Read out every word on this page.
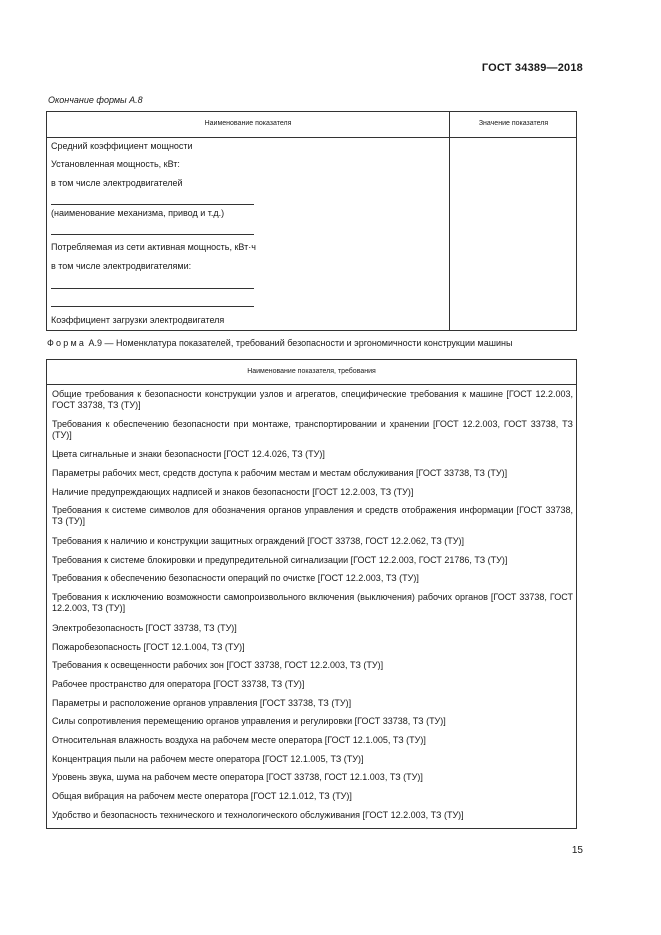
ГОСТ 34389—2018
Окончание формы А.8
Наименование показателя	Значение показателя
Средний коэффициент мощности
Установленная мощность, кВт:
в том числе электродвигателей
(наименование механизма, привод и т.д.)
Потребляемая из сети активная мощность, кВт·ч
в том числе электродвигателями:
Коэффициент загрузки электродвигателя
Форма А.9 — Номенклатура показателей, требований безопасности и эргономичности конструкции машины
Наименование показателя, требования
Общие требования к безопасности конструкции узлов и агрегатов, специфические требования к машине [ГОСТ 12.2.003, ГОСТ 33738, ТЗ (ТУ)]
Требования к обеспечению безопасности при монтаже, транспортировании и хранении [ГОСТ 12.2.003, ГОСТ 33738, ТЗ (ТУ)]
Цвета сигнальные и знаки безопасности [ГОСТ 12.4.026, ТЗ (ТУ)]
Параметры рабочих мест, средств доступа к рабочим местам и местам обслуживания [ГОСТ 33738, ТЗ (ТУ)]
Наличие предупреждающих надписей и знаков безопасности [ГОСТ 12.2.003, ТЗ (ТУ)]
Требования к системе символов для обозначения органов управления и средств отображения информации [ГОСТ 33738, ТЗ (ТУ)]
Требования к наличию и конструкции защитных ограждений [ГОСТ 33738, ГОСТ 12.2.062, ТЗ (ТУ)]
Требования к системе блокировки и предупредительной сигнализации [ГОСТ 12.2.003, ГОСТ 21786, ТЗ (ТУ)]
Требования к обеспечению безопасности операций по очистке [ГОСТ 12.2.003, ТЗ (ТУ)]
Требования к исключению возможности самопроизвольного включения (выключения) рабочих органов [ГОСТ 33738, ГОСТ 12.2.003, ТЗ (ТУ)]
Электробезопасность [ГОСТ 33738, ТЗ (ТУ)]
Пожаробезопасность [ГОСТ 12.1.004, ТЗ (ТУ)]
Требования к освещенности рабочих зон [ГОСТ 33738, ГОСТ 12.2.003, ТЗ (ТУ)]
Рабочее пространство для оператора [ГОСТ 33738, ТЗ (ТУ)]
Параметры и расположение органов управления [ГОСТ 33738, ТЗ (ТУ)]
Силы сопротивления перемещению органов управления и регулировки [ГОСТ 33738, ТЗ (ТУ)]
Относительная влажность воздуха на рабочем месте оператора [ГОСТ 12.1.005, ТЗ (ТУ)]
Концентрация пыли на рабочем месте оператора [ГОСТ 12.1.005, ТЗ (ТУ)]
Уровень звука, шума на рабочем месте оператора [ГОСТ 33738, ГОСТ 12.1.003, ТЗ (ТУ)]
Общая вибрация на рабочем месте оператора [ГОСТ 12.1.012, ТЗ (ТУ)]
Удобство и безопасность технического и технологического обслуживания [ГОСТ 12.2.003, ТЗ (ТУ)]
15
